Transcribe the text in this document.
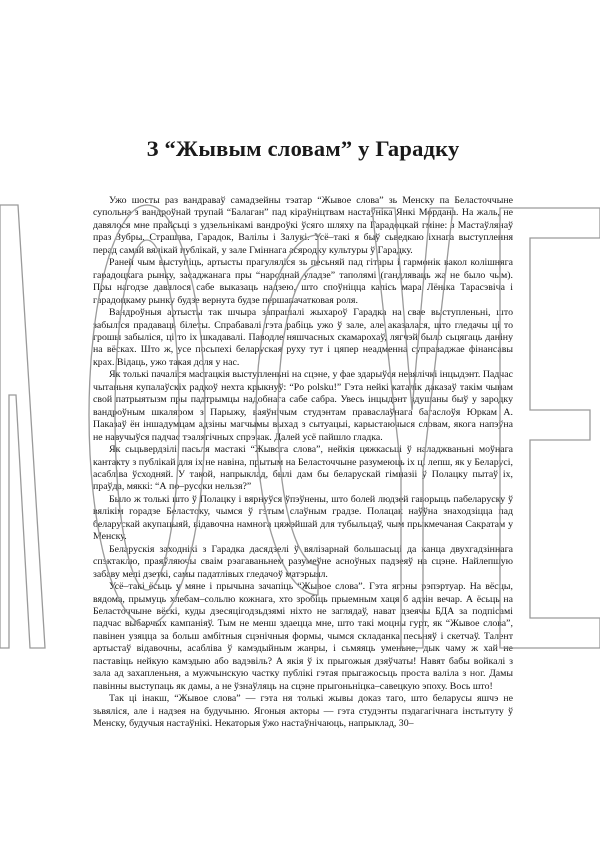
З “Жывым словам” у Гарадку

Ужо шосты раз вандраваў самадзейны тэатар “Жывое слова” зь Менску па Беласточчыне супольна з вандроўнай трупай “Балаган” пад кіраўніцтвам настаўніка Янкі Мордана. На жаль, не давялося мне прайсьці з удзельнікамі вандроўкі ўсяго шляху па Гарадоцкай гміне: з Мастаўлянаў праз Зубры, Страшава, Гарадок, Валілы і Залукі. Усё–такі я быў сьведкаю іхнага выступлення перад самай вялікай публікай, у зале Гміннага асяродку культуры ў Гарадку.

Раней чым выступіць, артысты прагуляліся зь песьняй пад гітары і гармонік вакол колішняга гарадоцкага рынку, засаджанага пры “народнай уладзе” таполямі (гандляваць жа не было чым). Пры нагодзе давялося сабе выказаць надзею, што споўніцца калісь мара Лёніка Тарасэвіча і гарадоцкаму рынку будзе вернута будзе першапачатковая роля.

Вандроўныя артысты так шчыра запрашалі жыхароў Гарадка на свае выступленьні, што забыліся прадаваць білеты. Спрабавалі гэта рабіць ужо ў зале, але аказалася, што гледачы ці то грошы забыліся, ці то іх шкадавалі. Паводле няшчасных скамарохаў, лягчэй было сьцягаць даніну на вёсках. Што ж, усе посьпехі беларуская руху тут і цяпер неадменна суправаджае фінансавы крах. Відаць, ужо такая доля у нас.

Як толькі пачаліся мастацкія выступленьні на сцэне, у фае здарыўся невялічкі інцыдэнт. Падчас чытаньня купалаўскіх радкоў нехта крыкнуў: “Po polsku!” Гэта нейкі каталік даказаў такім чынам свой патрыятызм пры падтрымцы надобнага сабе сабра. Увесь інцыдэнт здушаны быў у зародку вандроўным шкаляром з Парыжу, ваяўнічым студэнтам праваслаўнага багаслоўя Юркам А. Паказаў ён іншадумцам адзіны магчымы выхад з сытуацыі, карыстаючыся словам, якога напэўна не навучыўся падчас тэалягічных спрэчак. Далей усё пайшло гладка.

Як сьцьвердзілі пасьля мастакі “Жывога слова”, нейкія цяжкасьці ў наладжваньні моўнага кантакту з публікай для іх не навіна, прытым на Беласточчыне разумеюць іх ці лепш, як у Беларусі, асабліва ўсходняй. У такой, напрыклад, былі дам бы беларускай гімназіі ў Полацку пытаў іх, праўда, мяккі: “А по–русски нельзя?”

Было ж толькі што ў Полацку і вярнуўся ўпэўнены, што болей людзей гаворыць пабеларуску ў вялікім горадзе Беластоку, чымся ў гэтым слаўным градзе. Полацак наўўна знаходзіцца пад беларускай акупацыяй, відавочна намнога цяжэйшай для тубыльцаў, чым прыкмечаная Сакратам у Менску.

Беларускія заходнікі з Гарадка дасядзелі ў вялізарнай большасьці да канца двухгадзіннага спэктаклю, праяўляючы сваім рэагаваньнем разумеўне асноўных падзеяў на сцэне. Найлепшую забаву мелі дзеткі, самы падатлівых гледачоў матэрыял.

Усё–такі ёсьць у мяне і прычына зачапіць “Жывое слова”. Гэта ягоны рэпэртуар. На вёсцы, вядома, прымуць хлебам–сольлю кожнага, хто зробіць прыемным хаця б адзін вечар. А ёсьць на Беласточчыне вёскі, куды дзесяцігодзьдзямі ніхто не заглядаў, нават дзеячы БДА за подпісамі падчас выбарчых кампаніяў. Тым не менш здаецца мне, што такі моцны гурт, як “Жывое слова”, павінен узяцца за больш амбітныя сцэнічныя формы, чымся складанка песьняў і скетчаў. Талент артыстаў відавочны, асабліва ў камэдыйным жанры, і сьмяяць уменьне, дык чаму ж хай не паставіць нейкую камэдыю або вадэвіль? А якія ў іх прыгожыя дзяўчаты! Навят бабы войкалі з зала ад захапленьня, а мужчынскую частку публікі гэтая прыгажосьць проста валіла з ног. Дамы павінны выступаць як дамы, а не ўзнаўляць на сцэне прыгоньніцкa–савецкую эпоху. Вось што!

Так ці інакш, “Жывое слова” — гэта ня толькі жывы доказ таго, што беларусы яшчэ не зьвяліся, але і надзея на будучыню. Ягоныя акторы — гэта студэнты пэдагагічнага інстытуту ў Менску, будучыя настаўнікі. Некаторыя ўжо настаўнічаюць, напрыклад, 30–
